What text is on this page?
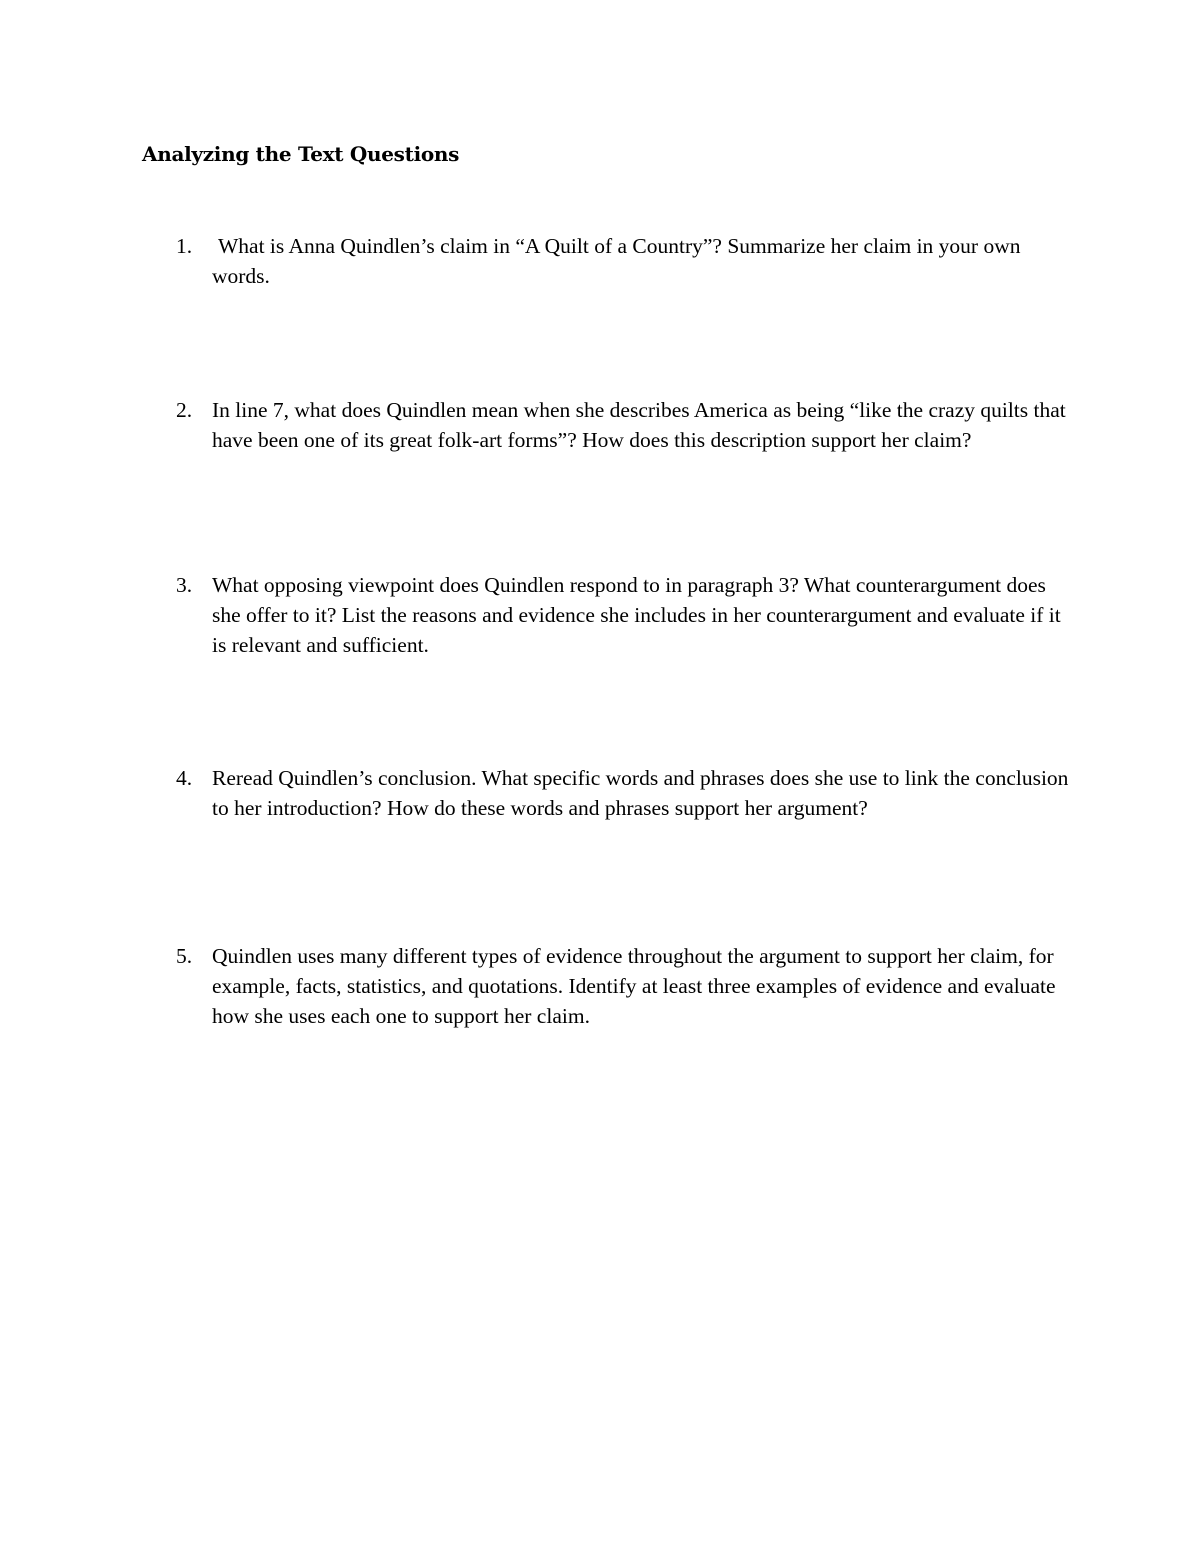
Analyzing the Text Questions
1. What is Anna Quindlen’s claim in “A Quilt of a Country”? Summarize her claim in your own words.
2. In line 7, what does Quindlen mean when she describes America as being “like the crazy quilts that have been one of its great folk-art forms”? How does this description support her claim?
3. What opposing viewpoint does Quindlen respond to in paragraph 3? What counterargument does she offer to it? List the reasons and evidence she includes in her counterargument and evaluate if it is relevant and sufficient.
4. Reread Quindlen’s conclusion. What specific words and phrases does she use to link the conclusion to her introduction? How do these words and phrases support her argument?
5. Quindlen uses many different types of evidence throughout the argument to support her claim, for example, facts, statistics, and quotations. Identify at least three examples of evidence and evaluate how she uses each one to support her claim.
